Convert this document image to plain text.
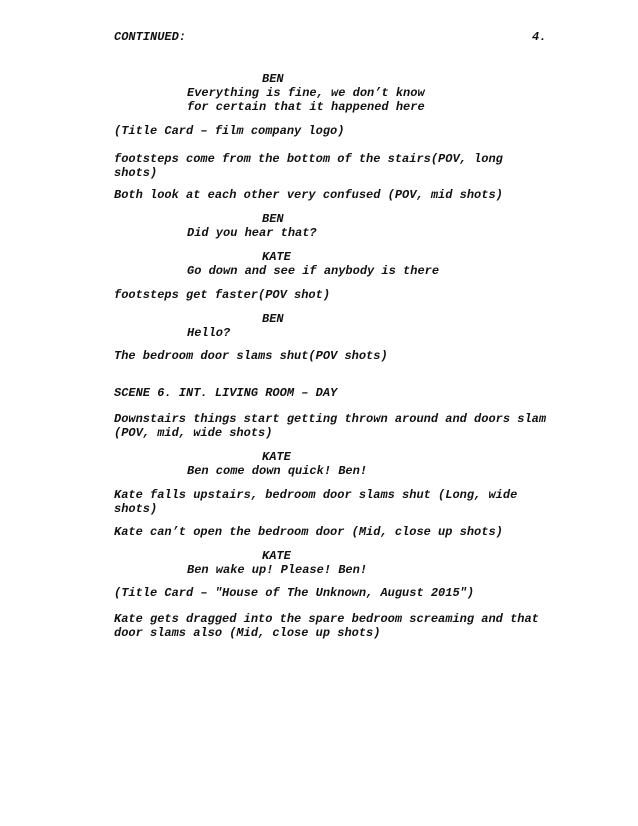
CONTINUED:	4.
BEN
Everything is fine, we don’t know
for certain that it happened here
(Title Card – film company logo)
footsteps come from the bottom of the stairs(POV, long
shots)
Both look at each other very confused (POV, mid shots)
BEN
Did you hear that?
KATE
Go down and see if anybody is there
footsteps get faster(POV shot)
BEN
Hello?
The bedroom door slams shut(POV shots)
SCENE 6. INT. LIVING ROOM – DAY
Downstairs things start getting thrown around and doors slam
(POV, mid, wide shots)
KATE
Ben come down quick! Ben!
Kate falls upstairs, bedroom door slams shut (Long, wide
shots)
Kate can’t open the bedroom door (Mid, close up shots)
KATE
Ben wake up! Please! Ben!
(Title Card – "House of The Unknown, August 2015")
Kate gets dragged into the spare bedroom screaming and that
door slams also (Mid, close up shots)
